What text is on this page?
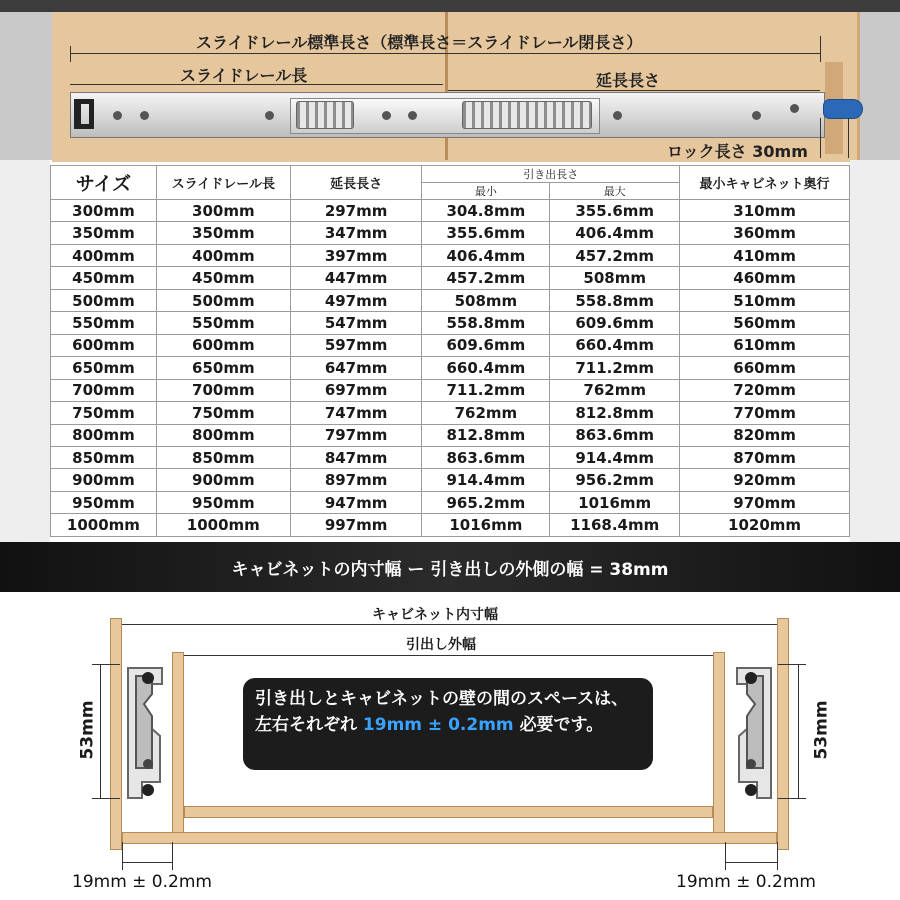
スライドレール標準長さ（標準長さ＝スライドレール閉長さ）
スライドレール長	延長長さ
ロック長さ 30mm
サイズ	スライドレール長	延長長さ	引き出長さ		最小キャビネット奥行
			最小	最大	
300mm	300mm	297mm	304.8mm	355.6mm	310mm
350mm	350mm	347mm	355.6mm	406.4mm	360mm
400mm	400mm	397mm	406.4mm	457.2mm	410mm
450mm	450mm	447mm	457.2mm	508mm	460mm
500mm	500mm	497mm	508mm	558.8mm	510mm
550mm	550mm	547mm	558.8mm	609.6mm	560mm
600mm	600mm	597mm	609.6mm	660.4mm	610mm
650mm	650mm	647mm	660.4mm	711.2mm	660mm
700mm	700mm	697mm	711.2mm	762mm	720mm
750mm	750mm	747mm	762mm	812.8mm	770mm
800mm	800mm	797mm	812.8mm	863.6mm	820mm
850mm	850mm	847mm	863.6mm	914.4mm	870mm
900mm	900mm	897mm	914.4mm	956.2mm	920mm
950mm	950mm	947mm	965.2mm	1016mm	970mm
1000mm	1000mm	997mm	1016mm	1168.4mm	1020mm
キャビネットの内寸幅 ー 引き出しの外側の幅 = 38mm
キャビネット内寸幅
引出し外幅
53mm	53mm
19mm ± 0.2mm	19mm ± 0.2mm

引き出しとキャビネットの壁の間のスペースは、左右それぞれ 19mm ± 0.2mm 必要です。
